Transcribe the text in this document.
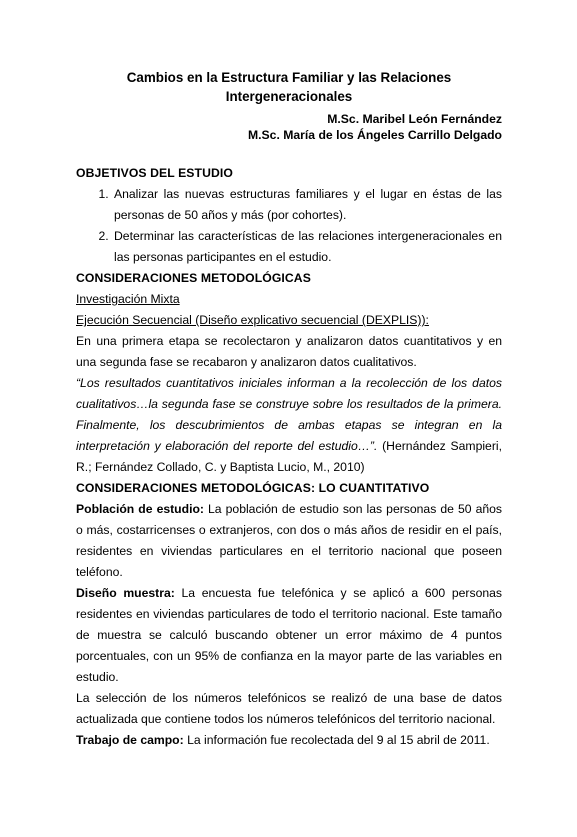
Cambios en la Estructura Familiar y las Relaciones
Intergeneracionales
M.Sc. Maribel León Fernández
M.Sc. María de los Ángeles Carrillo Delgado
OBJETIVOS DEL ESTUDIO
1. Analizar las nuevas estructuras familiares y el lugar en éstas de las personas de 50 años y más (por cohortes).
2. Determinar las características de las relaciones intergeneracionales en las personas participantes en el estudio.
CONSIDERACIONES METODOLÓGICAS
Investigación Mixta
Ejecución Secuencial (Diseño explicativo secuencial (DEXPLIS)):
En una primera etapa se recolectaron y analizaron datos cuantitativos y en una segunda fase se recabaron y analizaron datos cualitativos.
“Los resultados cuantitativos iniciales informan a la recolección de los datos cualitativos…la segunda fase se construye sobre los resultados de la primera. Finalmente, los descubrimientos de ambas etapas se integran en la interpretación y elaboración del reporte del estudio…”. (Hernández Sampieri, R.; Fernández Collado, C. y Baptista Lucio, M., 2010)
CONSIDERACIONES METODOLÓGICAS: LO CUANTITATIVO
Población de estudio: La población de estudio son las personas de 50 años o más, costarricenses o extranjeros, con dos o más años de residir en el país, residentes en viviendas particulares en el territorio nacional que poseen teléfono.
Diseño muestra: La encuesta fue telefónica y se aplicó a 600 personas residentes en viviendas particulares de todo el territorio nacional. Este tamaño de muestra se calculó buscando obtener un error máximo de 4 puntos porcentuales, con un 95% de confianza en la mayor parte de las variables en estudio.
La selección de los números telefónicos se realizó de una base de datos actualizada que contiene todos los números telefónicos del territorio nacional.
Trabajo de campo: La información fue recolectada del 9 al 15 abril de 2011.
